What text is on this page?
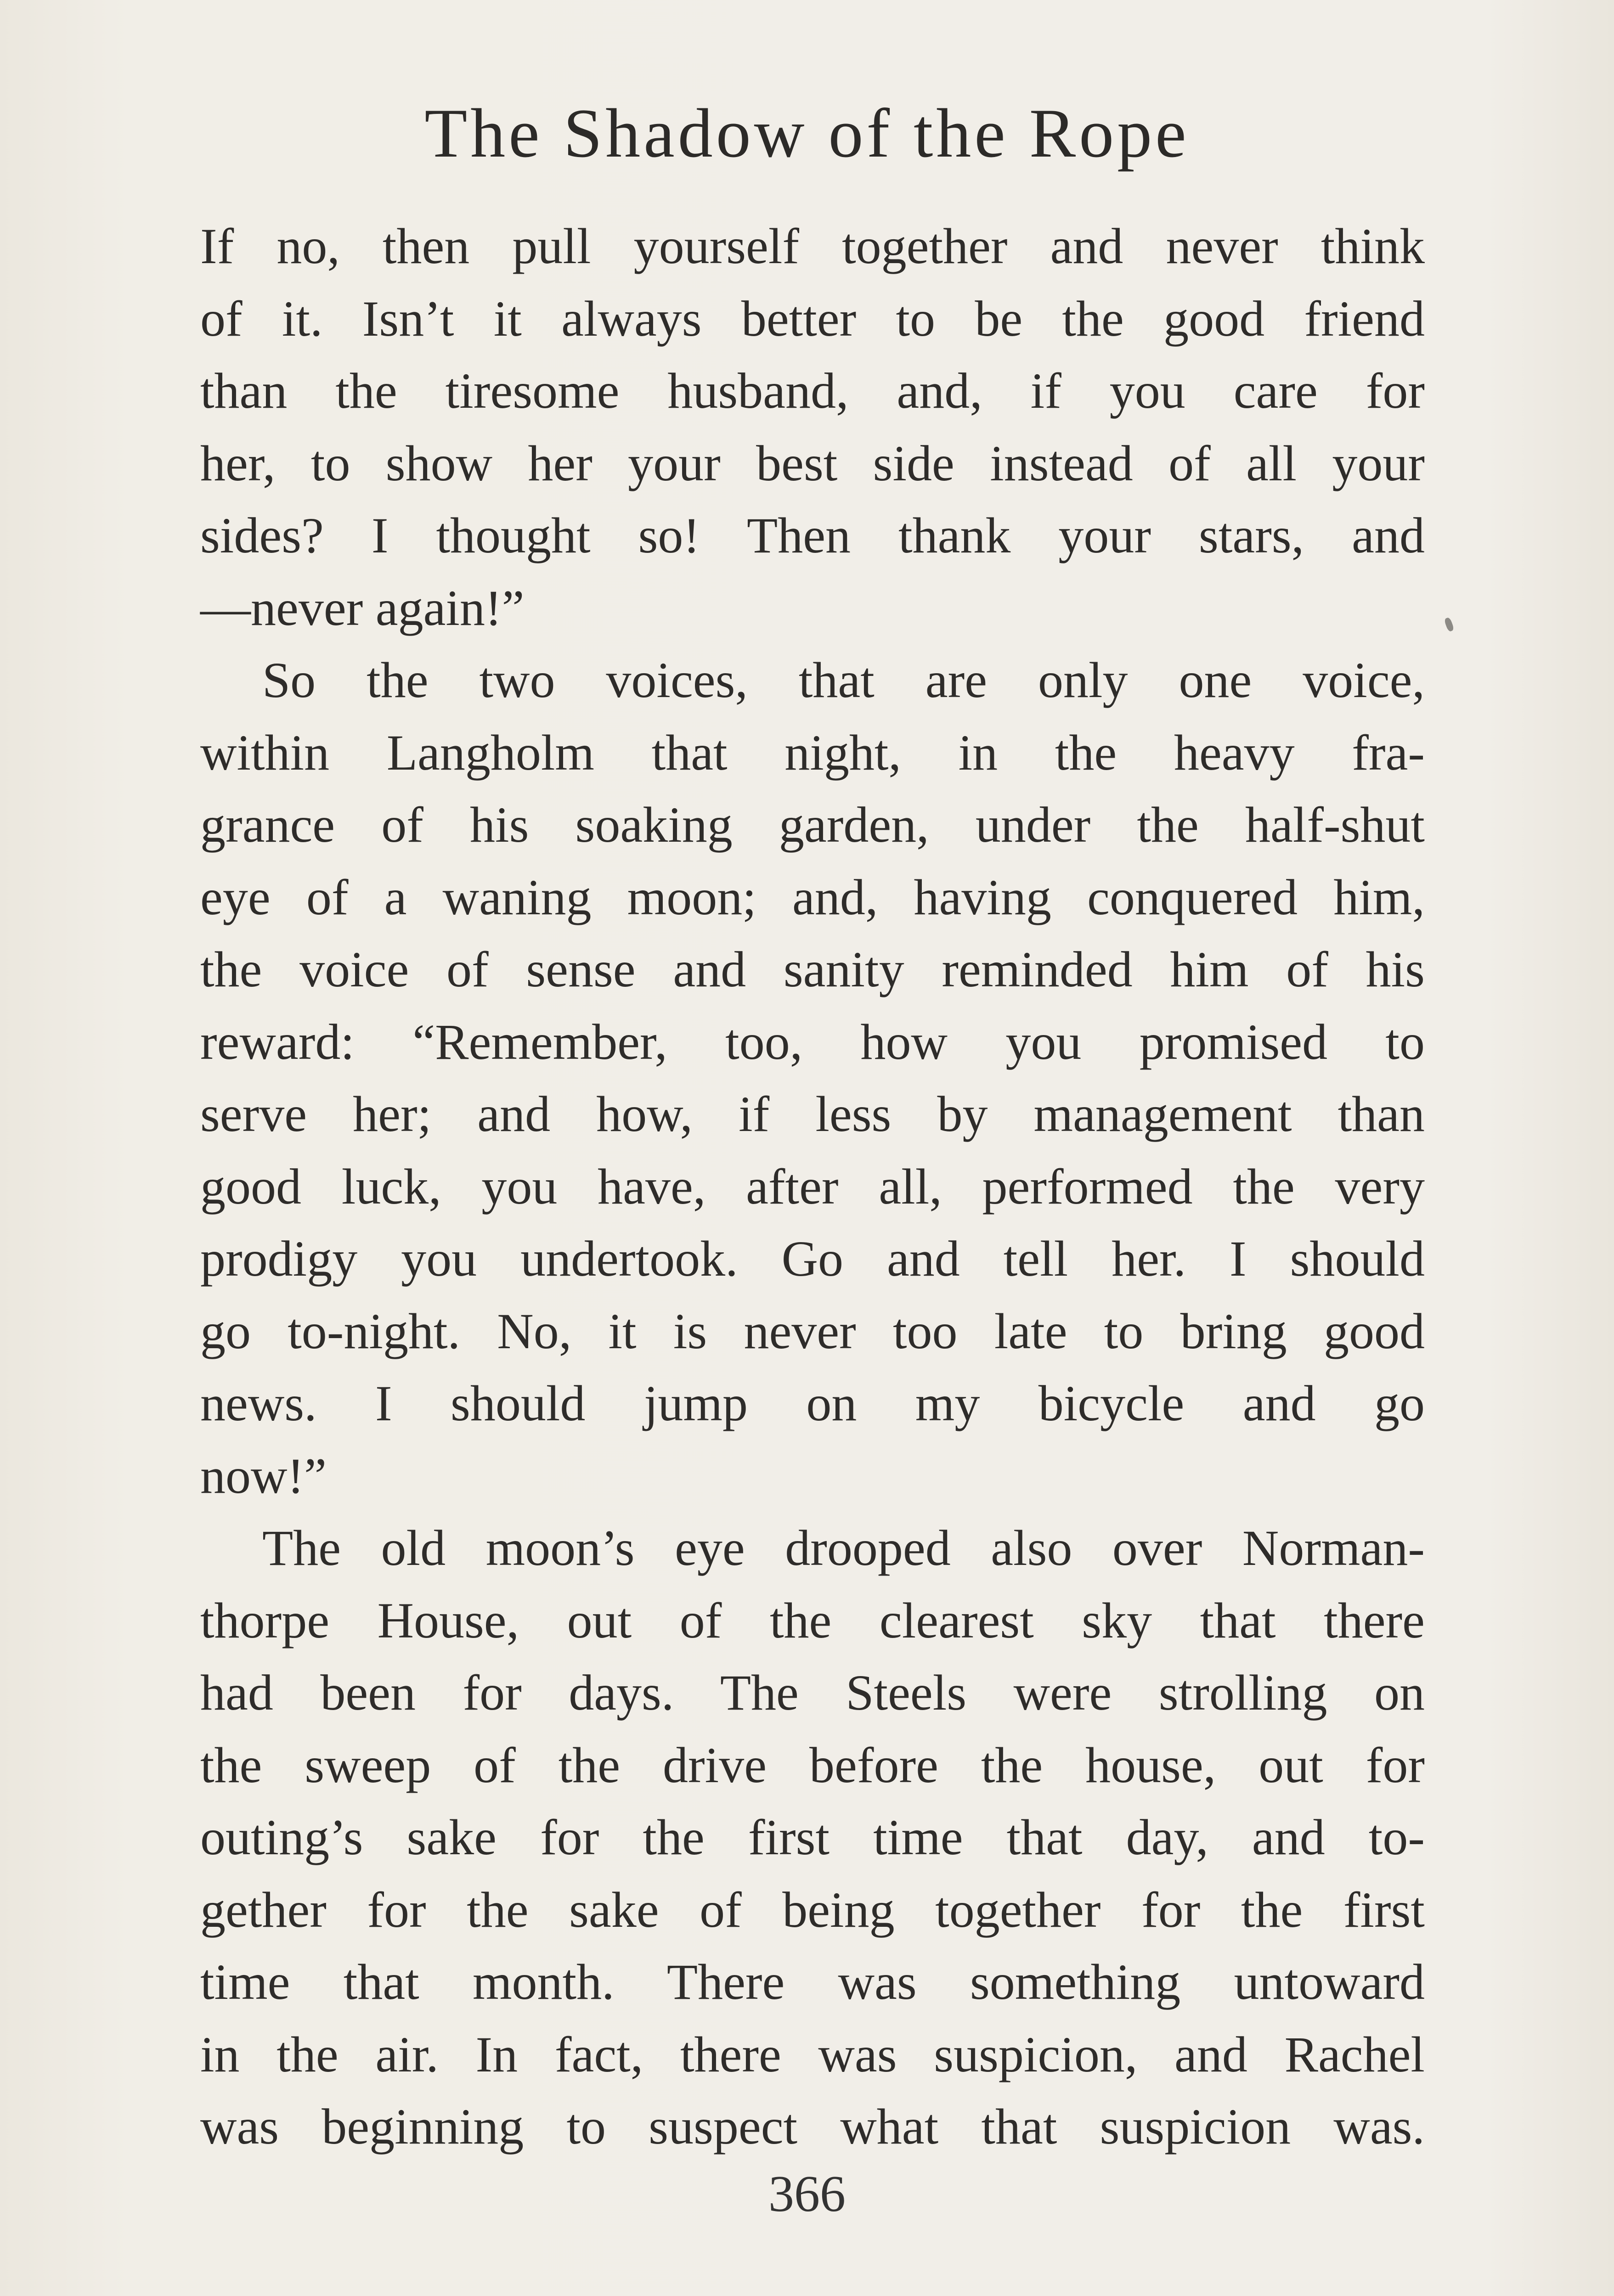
The Shadow of the Rope
If no, then pull yourself together and never think
of it. Isn’t it always better to be the good friend
than the tiresome husband, and, if you care for
her, to show her your best side instead of all your
sides? I thought so! Then thank your stars, and
—never again!”
So the two voices, that are only one voice,
within Langholm that night, in the heavy fra-
grance of his soaking garden, under the half-shut
eye of a waning moon; and, having conquered him,
the voice of sense and sanity reminded him of his
reward: “Remember, too, how you promised to
serve her; and how, if less by management than
good luck, you have, after all, performed the very
prodigy you undertook. Go and tell her. I should
go to-night. No, it is never too late to bring good
news. I should jump on my bicycle and go
now!”
The old moon’s eye drooped also over Norman-
thorpe House, out of the clearest sky that there
had been for days. The Steels were strolling on
the sweep of the drive before the house, out for
outing’s sake for the first time that day, and to-
gether for the sake of being together for the first
time that month. There was something untoward
in the air. In fact, there was suspicion, and Rachel
was beginning to suspect what that suspicion was.
366
